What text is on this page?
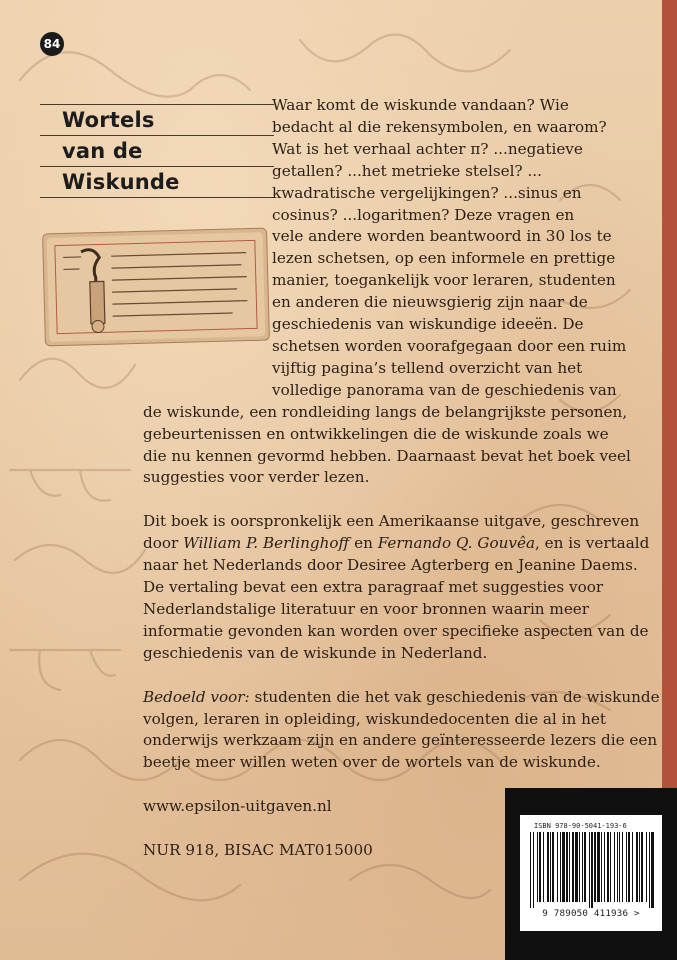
84
Wortels
van de
Wiskunde

Waar komt de wiskunde vandaan? Wie
bedacht al die rekensymbolen, en waarom?
Wat is het verhaal achter π? ...negatieve
getallen? ...het metrieke stelsel? ...
kwadratische vergelijkingen? ...sinus en
cosinus? ...logaritmen? Deze vragen en
vele andere worden beantwoord in 30 los te
lezen schetsen, op een informele en prettige
manier, toegankelijk voor leraren, studenten
en anderen die nieuwsgierig zijn naar de
geschiedenis van wiskundige ideeën. De
schetsen worden voorafgegaan door een ruim
vijftig pagina’s tellend overzicht van het
volledige panorama van de geschiedenis van
de wiskunde, een rondleiding langs de belangrijkste personen,
gebeurtenissen en ontwikkelingen die de wiskunde zoals we
die nu kennen gevormd hebben. Daarnaast bevat het boek veel
suggesties voor verder lezen.

Dit boek is oorspronkelijk een Amerikaanse uitgave, geschreven door William P. Berlinghoff en Fernando Q. Gouvêa, en is vertaald naar het Nederlands door Desiree Agterberg en Jeanine Daems. De vertaling bevat een extra paragraaf met suggesties voor Nederlandstalige literatuur en voor bronnen waarin meer informatie gevonden kan worden over specifieke aspecten van de geschiedenis van de wiskunde in Nederland.

Bedoeld voor: studenten die het vak geschiedenis van de wiskunde volgen, leraren in opleiding, wiskundedocenten die al in het onderwijs werkzaam zijn en andere geïnteresseerde lezers die een beetje meer willen weten over de wortels van de wiskunde.

www.epsilon-uitgaven.nl

NUR 918, BISAC MAT015000

ISBN 978-90-5041-193-6
9 789050 411936 >
